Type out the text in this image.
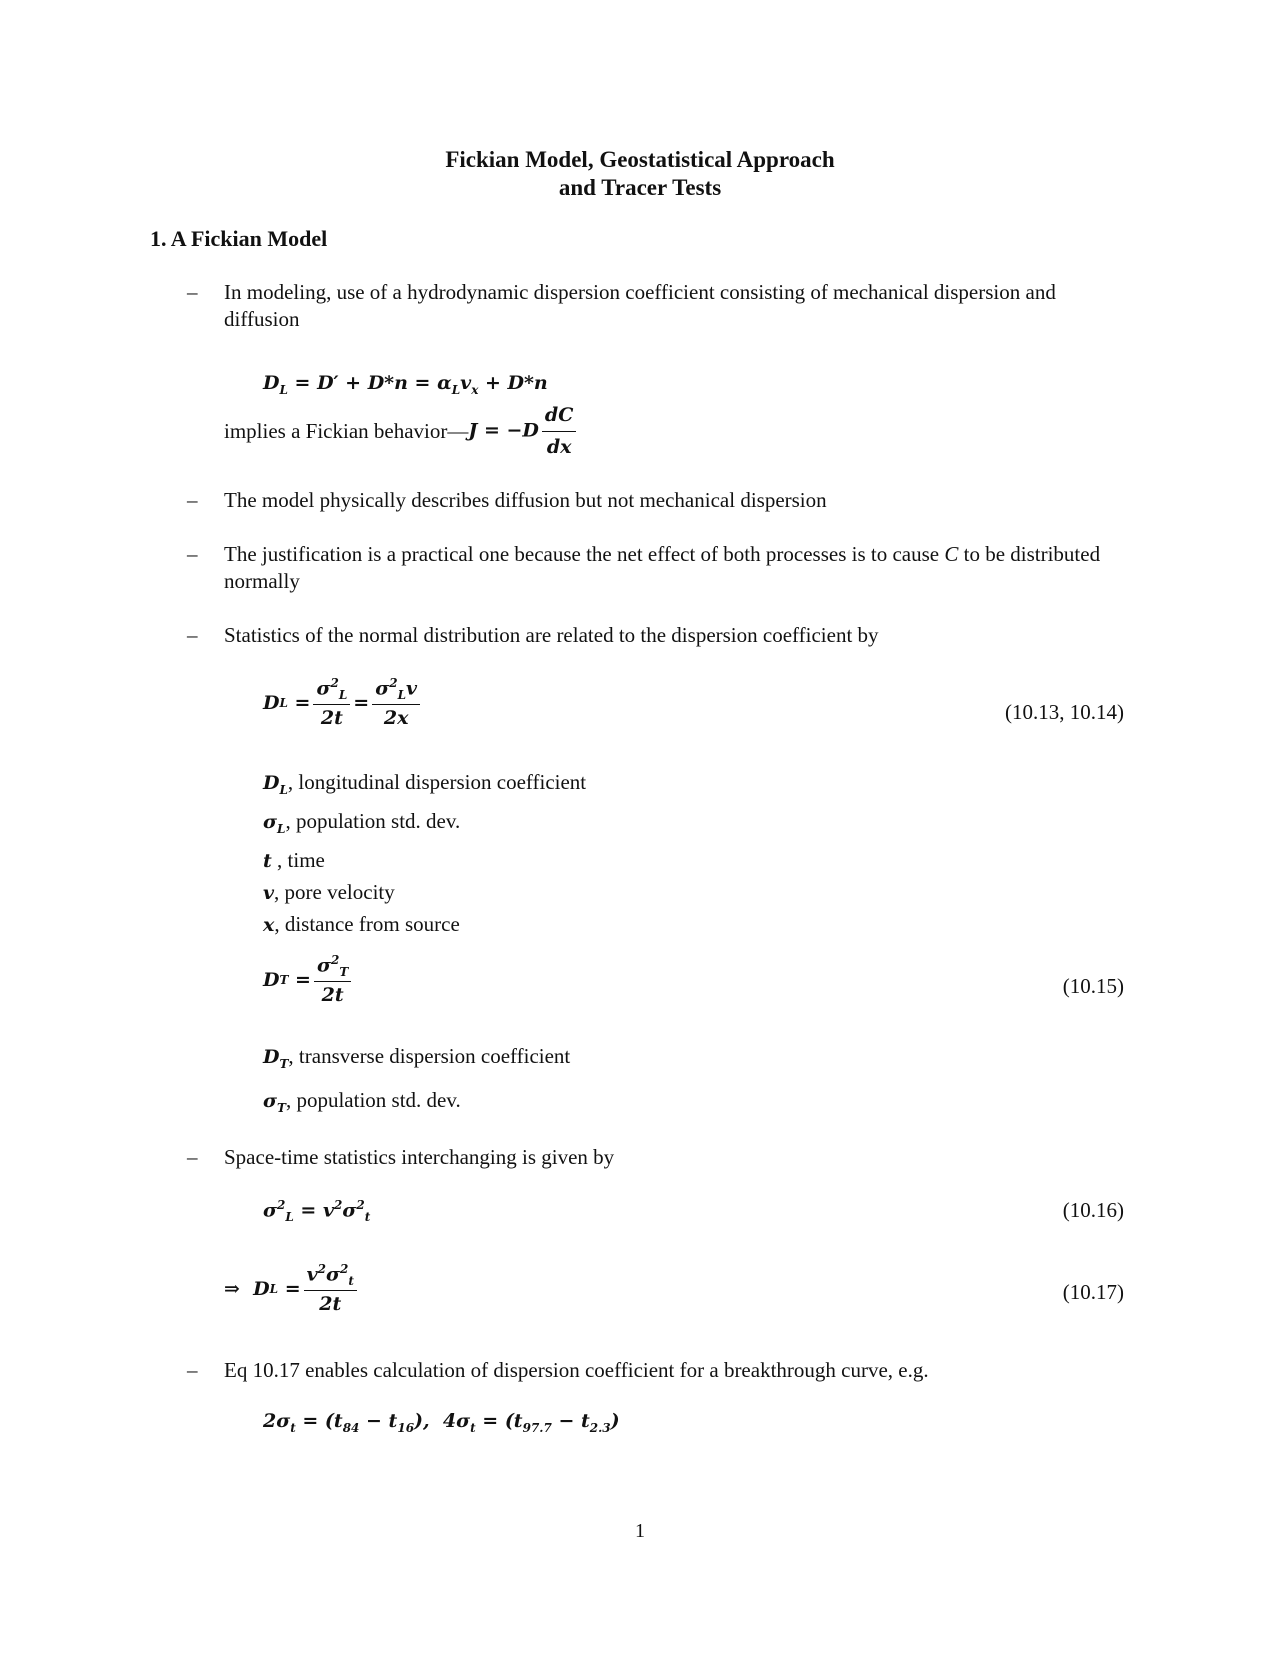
Fickian Model, Geostatistical Approach
and Tracer Tests
1. A Fickian Model
– In modeling, use of a hydrodynamic dispersion coefficient consisting of mechanical dispersion and diffusion
$D_L = D' + D*n = \alpha_Lv_x + D*n$
implies a Fickian behavior— $J = -D \frac{dC}{dx}$
– The model physically describes diffusion but not mechanical dispersion
– The justification is a practical one because the net effect of both processes is to cause C to be distributed normally
– Statistics of the normal distribution are related to the dispersion coefficient by
D $L = \frac{\sigma^2_L}{2t} = \frac{\sigma^2_Lv}{2x}$	(10.13, 10.14)
$D_L$, longitudinal dispersion coefficient
$\sigma_L$, population std. dev.
t , time
v, pore velocity
x, distance from source
D $T = \frac{\sigma^2_T}{2t}$	(10.15)
$D_T$, transverse dispersion coefficient
$\sigma_T$, population std. dev.
– Space-time statistics interchanging is given by
$\sigma^2_L = v^2\sigma^2_t$	(10.16)
⇒  D $L = \frac{v^2\sigma^2_t}{2t}$	(10.17)
– Eq 10.17 enables calculation of dispersion coefficient for a breakthrough curve, e.g.
$2\sigma_t = (t_{84} - t_{16})$,  $4\sigma_t = (t_{97.7} - t_{2.3})$
1
